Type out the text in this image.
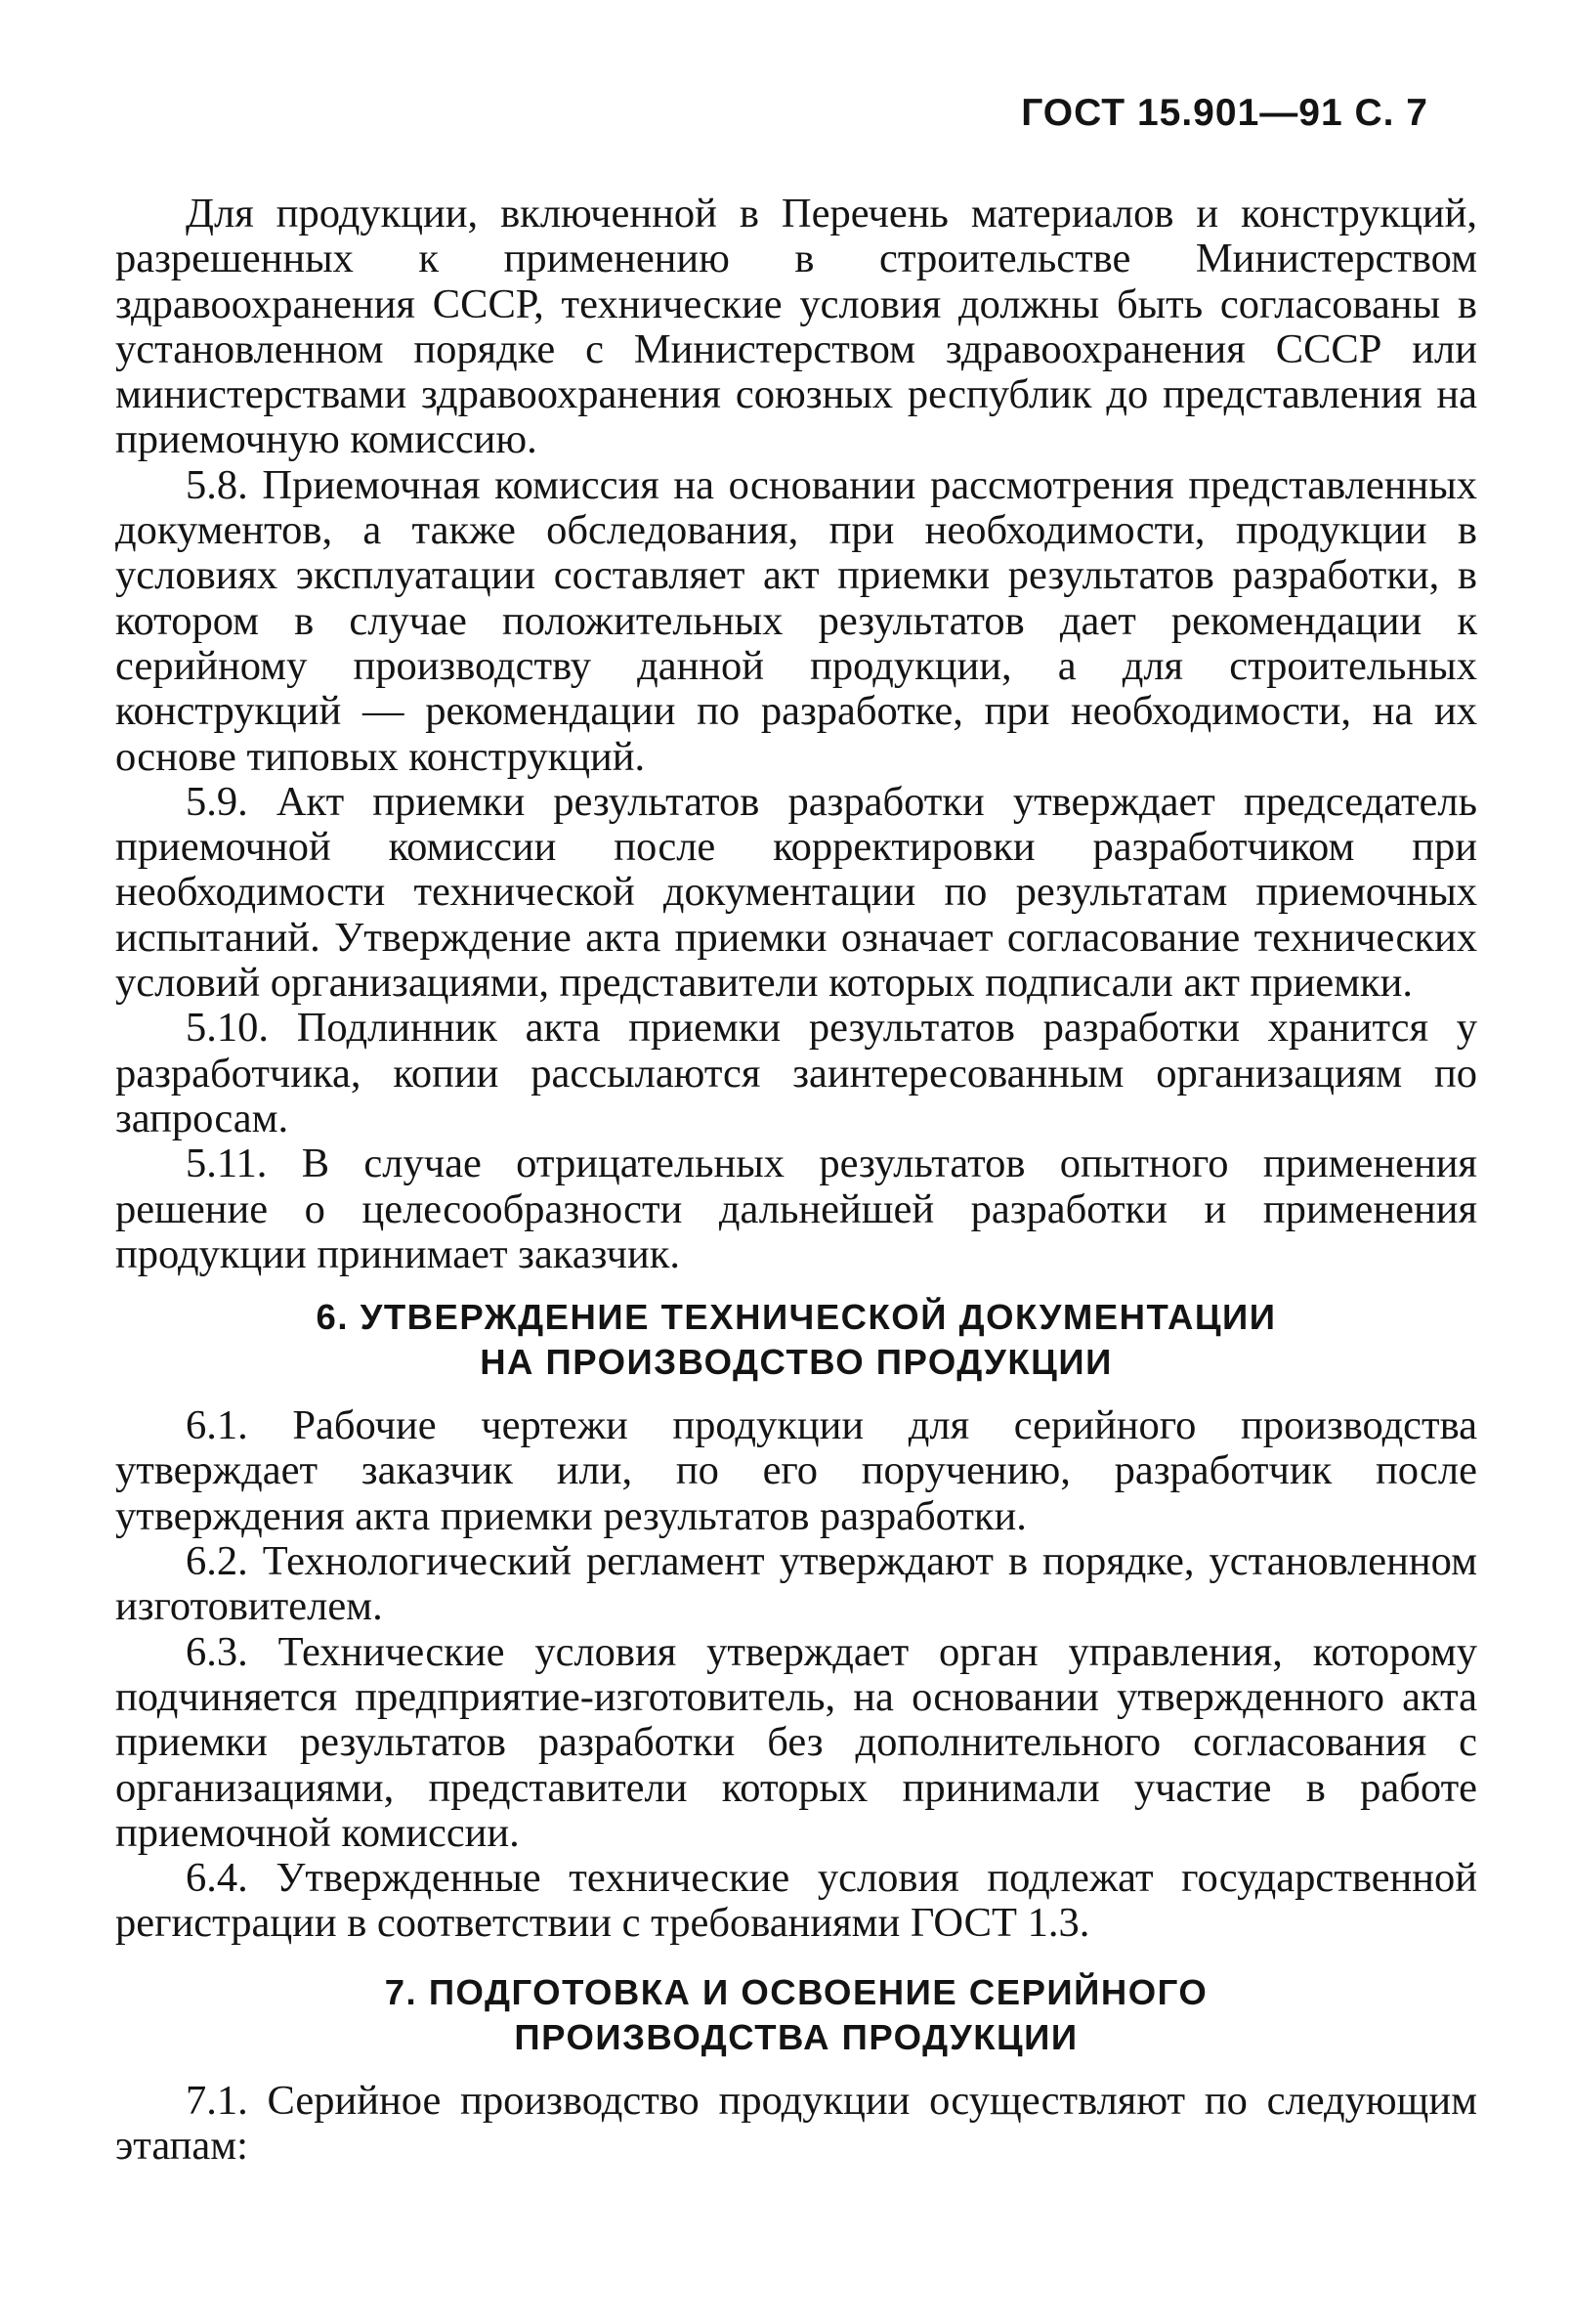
ГОСТ 15.901—91 С. 7

Для продукции, включенной в Перечень материалов и конструкций, разрешенных к применению в строительстве Министерством здравоохранения СССР, технические условия должны быть согласованы в установленном порядке с Министерством здравоохранения СССР или министерствами здравоохранения союзных республик до представления на приемочную комиссию.

5.8. Приемочная комиссия на основании рассмотрения представленных документов, а также обследования, при необходимости, продукции в условиях эксплуатации составляет акт приемки результатов разработки, в котором в случае положительных результатов дает рекомендации к серийному производству данной продукции, а для строительных конструкций — рекомендации по разработке, при необходимости, на их основе типовых конструкций.

5.9. Акт приемки результатов разработки утверждает председатель приемочной комиссии после корректировки разработчиком при необходимости технической документации по результатам приемочных испытаний. Утверждение акта приемки означает согласование технических условий организациями, представители которых подписали акт приемки.

5.10. Подлинник акта приемки результатов разработки хранится у разработчика, копии рассылаются заинтересованным организациям по запросам.

5.11. В случае отрицательных результатов опытного применения решение о целесообразности дальнейшей разработки и применения продукции принимает заказчик.

6. УТВЕРЖДЕНИЕ ТЕХНИЧЕСКОЙ ДОКУМЕНТАЦИИ
НА ПРОИЗВОДСТВО ПРОДУКЦИИ

6.1. Рабочие чертежи продукции для серийного производства утверждает заказчик или, по его поручению, разработчик после утверждения акта приемки результатов разработки.

6.2. Технологический регламент утверждают в порядке, установленном изготовителем.

6.3. Технические условия утверждает орган управления, которому подчиняется предприятие-изготовитель, на основании утвержденного акта приемки результатов разработки без дополнительного согласования с организациями, представители которых принимали участие в работе приемочной комиссии.

6.4. Утвержденные технические условия подлежат государственной регистрации в соответствии с требованиями ГОСТ 1.3.

7. ПОДГОТОВКА И ОСВОЕНИЕ СЕРИЙНОГО
ПРОИЗВОДСТВА ПРОДУКЦИИ

7.1. Серийное производство продукции осуществляют по следующим этапам:
